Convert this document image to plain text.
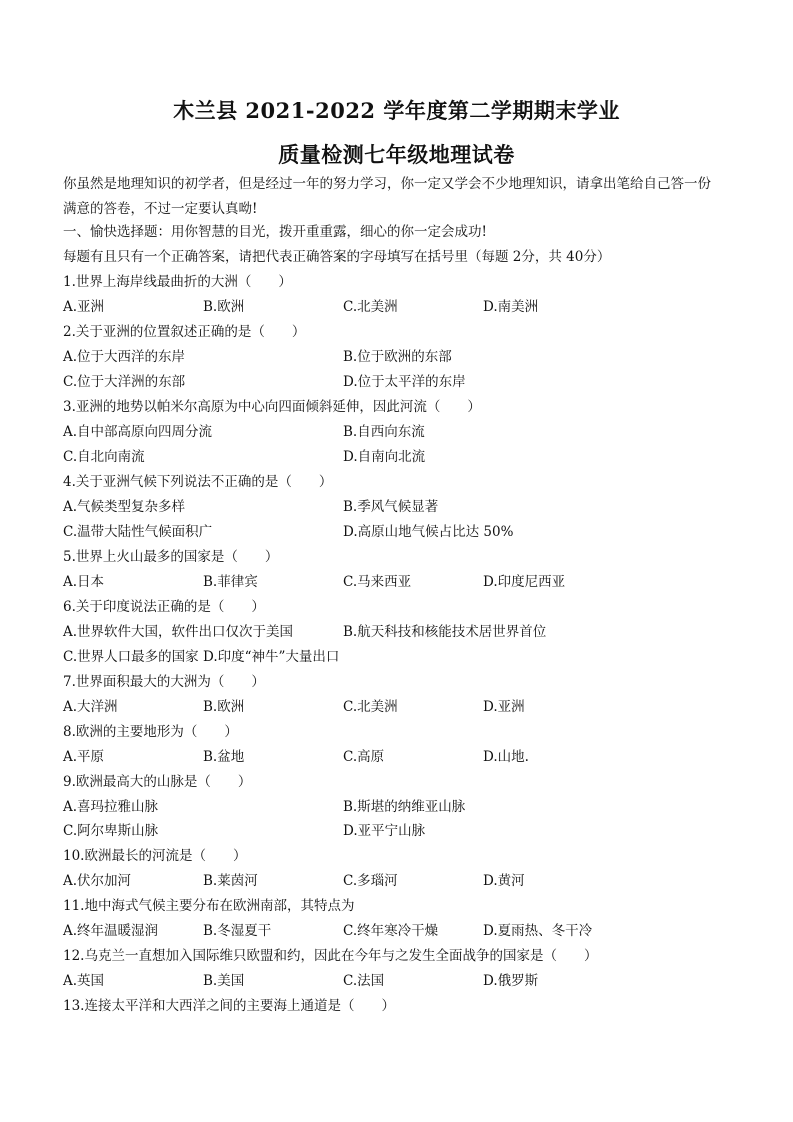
木兰县 2021-2022 学年度第二学期期末学业
质量检测七年级地理试卷
你虽然是地理知识的初学者，但是经过一年的努力学习，你一定又学会不少地理知识，请拿出笔给自己答一份
满意的答卷，不过一定要认真呦!
一、愉快选择题：用你智慧的目光，拨开重重露，细心的你一定会成功!
每题有且只有一个正确答案，请把代表正确答案的字母填写在括号里（每题 2分，共 40分）
1.世界上海岸线最曲折的大洲（　　）
A.亚洲	B.欧洲	C.北美洲	D.南美洲
2.关于亚洲的位置叙述正确的是（　　）
A.位于大西洋的东岸	B.位于欧洲的东部
C.位于大洋洲的东部	D.位于太平洋的东岸
3.亚洲的地势以帕米尔高原为中心向四面倾斜延伸，因此河流（　　）
A.自中部高原向四周分流	B.自西向东流
C.自北向南流	D.自南向北流
4.关于亚洲气候下列说法不正确的是（　　）
A.气候类型复杂多样	B.季风气候显著
C.温带大陆性气候面积广	D.高原山地气候占比达 50%
5.世界上火山最多的国家是（　　）
A.日本	B.菲律宾	C.马来西亚	D.印度尼西亚
6.关于印度说法正确的是（　　）
A.世界软件大国，软件出口仅次于美国	B.航天科技和核能技术居世界首位
C.世界人口最多的国家 D.印度“神牛”大量出口
7.世界面积最大的大洲为（　　）
A.大洋洲	B.欧洲	C.北美洲	D.亚洲
8.欧洲的主要地形为（　　）
A.平原	B.盆地	C.高原	D.山地.
9.欧洲最高大的山脉是（　　）
A.喜玛拉雅山脉	B.斯堪的纳维亚山脉
C.阿尔卑斯山脉	D.亚平宁山脉
10.欧洲最长的河流是（　　）
A.伏尔加河	B.莱茵河	C.多瑙河	D.黄河
11.地中海式气候主要分布在欧洲南部，其特点为
A.终年温暖湿润	B.冬湿夏干	C.终年寒冷干燥	D.夏雨热、冬干冷
12.乌克兰一直想加入国际维只欧盟和约，因此在今年与之发生全面战争的国家是（　　）
A.英国	B.美国	C.法国	D.俄罗斯
13.连接太平洋和大西洋之间的主要海上通道是（　　）
